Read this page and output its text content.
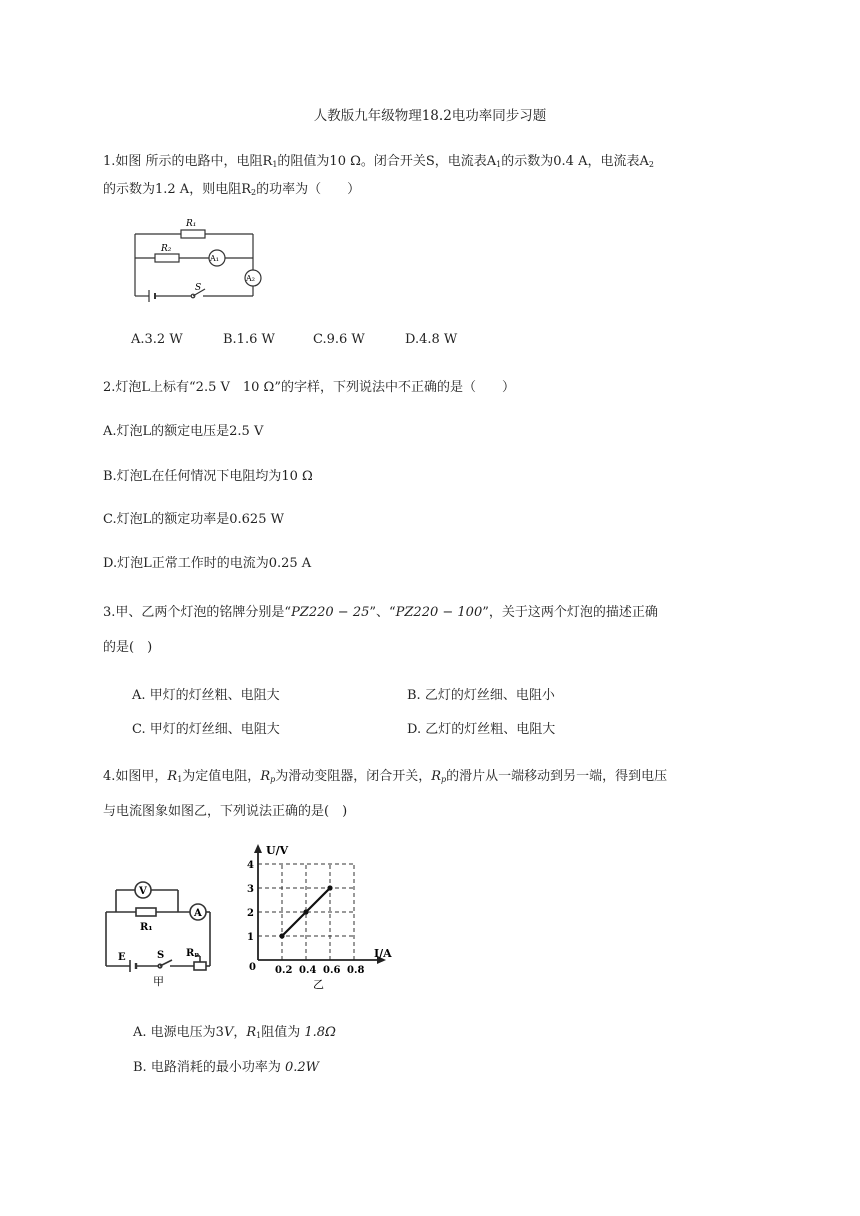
人教版九年级物理18.2电功率同步习题
1.如图 所示的电路中，电阻$R_1$的阻值为10 Ω。闭合开关S，电流表$A_1$的示数为0.4 A，电流表$A_2$
的示数为1.2 A，则电阻$R_2$的功率为（　　）
R₁
R₂
A₁
A₂
S
A.3.2 W	B.1.6 W	C.9.6 W	D.4.8 W
2.灯泡L上标有“2.5 V　10 Ω”的字样，下列说法中不正确的是（　　）
A.灯泡L的额定电压是2.5 V
B.灯泡L在任何情况下电阻均为10 Ω
C.灯泡L的额定功率是0.625 W
D.灯泡L正常工作时的电流为0.25 A
3.甲、乙两个灯泡的铭牌分别是“PZ220 − 25”、“PZ220 − 100”，关于这两个灯泡的描述正确
的是(　)
A. 甲灯的灯丝粗、电阻大	B. 乙灯的灯丝细、电阻小
C. 甲灯的灯丝细、电阻大	D. 乙灯的灯丝粗、电阻大
4.如图甲，$R_1$为定值电阻，$R_p$为滑动变阻器，闭合开关，$R_p$的滑片从一端移动到另一端，得到电压
与电流图象如图乙，下列说法正确的是(　)
V
A
R₁
E	S Rₚ
甲
0.2 0.4 0.6 0.8
1
2
3
4
U/V
I/A
0
乙
A. 电源电压为3V，$R_1$阻值为 1.8Ω
B. 电路消耗的最小功率为 0.2W
